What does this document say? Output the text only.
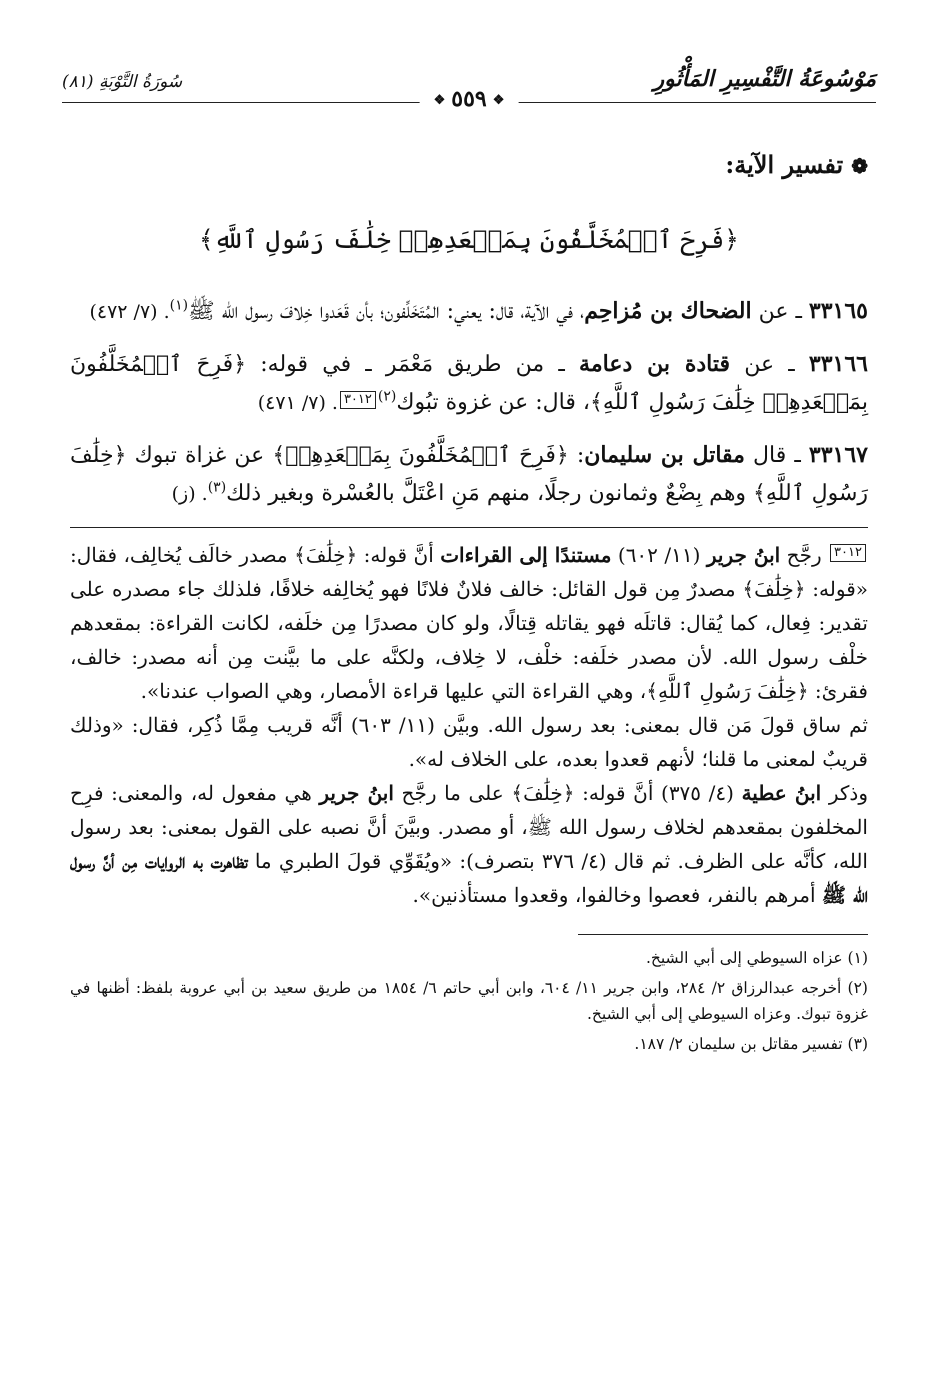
مَوْسُوعَةُ التَّفْسِيرِ المَأْثُورِ
سُورَةُ التَّوْبَةِ (٨١)
❖ ٥٥٩ ❖
❁تفسير الآية:
﴿فَرِحَ ٱلۡمُخَلَّفُونَ بِمَقۡعَدِهِمۡ خِلَٰفَ رَسُولِ ٱللَّهِ﴾

٣٣١٦٥ ـ عن الضحاك بن مُزاحِم، في الآية، قال: يعني: المُتَخَلِّفون؛ بأن قَعَدوا خِلافَ رسول الله ﷺ$^{(١)}$. (٧/ ٤٧٢)

٣٣١٦٦ ـ عن قتادة بن دعامة ـ من طريق مَعْمَر ـ في قوله: ﴿فَرِحَ ٱلۡمُخَلَّفُونَ بِمَقۡعَدِهِمۡ خِلَٰفَ رَسُولِ ٱللَّهِ﴾، قال: عن غزوة تبُوك$^{(٢)}$٣٠١٢. (٧/ ٤٧١)

٣٣١٦٧ ـ قال مقاتل بن سليمان: ﴿فَرِحَ ٱلۡمُخَلَّفُونَ بِمَقۡعَدِهِمۡ﴾ عن غزاة تبوك ﴿خِلَٰفَ رَسُولِ ٱللَّهِ﴾ وهم بِضْعٌ وثمانون رجلًا، منهم مَنِ اعْتَلَّ بالعُسْرة وبغير ذلك$^{(٣)}$. (ز)

٣٠١٢ رجَّح ابنُ جرير (١١/ ٦٠٢) مستندًا إلى القراءات أنَّ قوله: ﴿خِلَٰفَ﴾ مصدر خالَف يُخالِف، فقال: «قوله: ﴿خِلَٰفَ﴾ مصدرٌ مِن قول القائل: خالف فلانٌ فلانًا فهو يُخالِفه خلافًا، فلذلك جاء مصدره على تقدير: فِعال، كما يُقال: قاتلَه فهو يقاتله قِتالًا، ولو كان مصدرًا مِن خلَفه، لكانت القراءة: بمقعدهم خلْف رسول الله. لأن مصدر خلَفه: خلْف، لا خِلاف، ولكنَّه على ما بيَّنت مِن أنه مصدر: خالف، فقرئ: ﴿خِلَٰفَ رَسُولِ ٱللَّهِ﴾، وهي القراءة التي عليها قراءة الأمصار، وهي الصواب عندنا».

ثم ساق قولَ مَن قال بمعنى: بعد رسول الله. وبيَّن (١١/ ٦٠٣) أنَّه قريب مِمَّا ذُكِر، فقال: «وذلك قريبٌ لمعنى ما قلنا؛ لأنهم قعدوا بعده، على الخلاف له».

وذكر ابنُ عطية (٤/ ٣٧٥) أنَّ قوله: ﴿خِلَٰفَ﴾ على ما رجَّح ابنُ جرير هي مفعول له، والمعنى: فرِح المخلفون بمقعدهم لخلاف رسول الله ﷺ، أو مصدر. وبيَّنَ أنَّ نصبه على القول بمعنى: بعد رسول الله، كأنَّه على الظرف. ثم قال (٤/ ٣٧٦ بتصرف): «ويُقَوِّي قولَ الطبري ما تظاهرت به الروايات مِن أنَّ رسول الله ﷺ أمرهم بالنفر، فعصوا وخالفوا، وقعدوا مستأذنين».

(١) عزاه السيوطي إلى أبي الشيخ.

(٢) أخرجه عبدالرزاق ٢/ ٢٨٤، وابن جرير ١١/ ٦٠٤، وابن أبي حاتم ٦/ ١٨٥٤ من طريق سعيد بن أبي عروبة بلفظ: أظنها في غزوة تبوك. وعزاه السيوطي إلى أبي الشيخ.

(٣) تفسير مقاتل بن سليمان ٢/ ١٨٧.
